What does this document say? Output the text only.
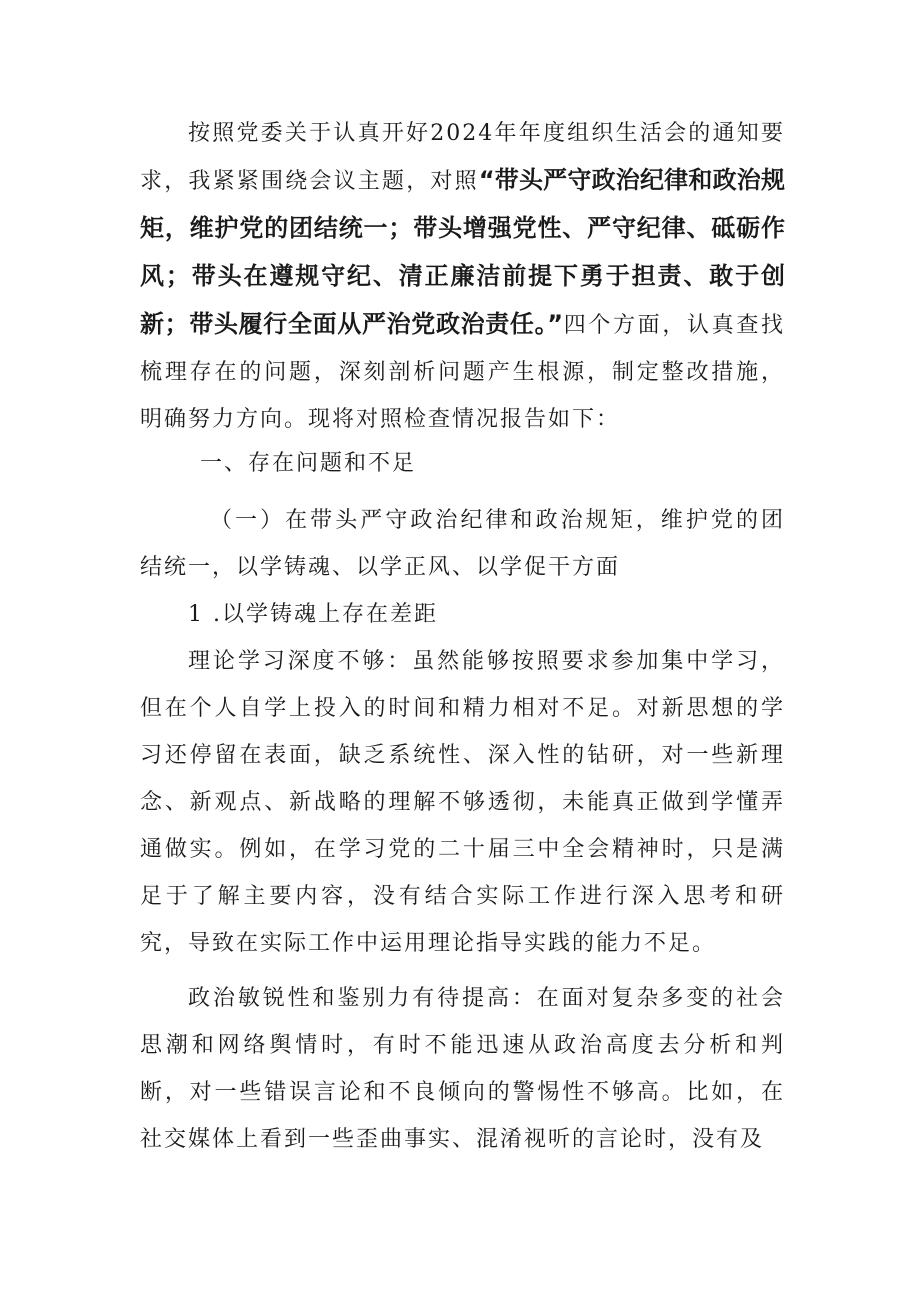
按照党委关于认真开好2024年年度组织生活会的通知要求，我紧紧围绕会议主题，对照“带头严守政治纪律和政治规矩，维护党的团结统一；带头增强党性、严守纪律、砥砺作风；带头在遵规守纪、清正廉洁前提下勇于担责、敢于创新；带头履行全面从严治党政治责任。”四个方面，认真查找梳理存在的问题，深刻剖析问题产生根源，制定整改措施，明确努力方向。现将对照检查情况报告如下：

一、存在问题和不足

（一）在带头严守政治纪律和政治规矩，维护党的团结统一，以学铸魂、以学正风、以学促干方面

1 .以学铸魂上存在差距

理论学习深度不够：虽然能够按照要求参加集中学习，但在个人自学上投入的时间和精力相对不足。对新思想的学习还停留在表面，缺乏系统性、深入性的钻研，对一些新理念、新观点、新战略的理解不够透彻，未能真正做到学懂弄通做实。例如，在学习党的二十届三中全会精神时，只是满足于了解主要内容，没有结合实际工作进行深入思考和研究，导致在实际工作中运用理论指导实践的能力不足。

政治敏锐性和鉴别力有待提高：在面对复杂多变的社会思潮和网络舆情时，有时不能迅速从政治高度去分析和判断，对一些错误言论和不良倾向的警惕性不够高。比如，在社交媒体上看到一些歪曲事实、混淆视听的言论时，没有及
